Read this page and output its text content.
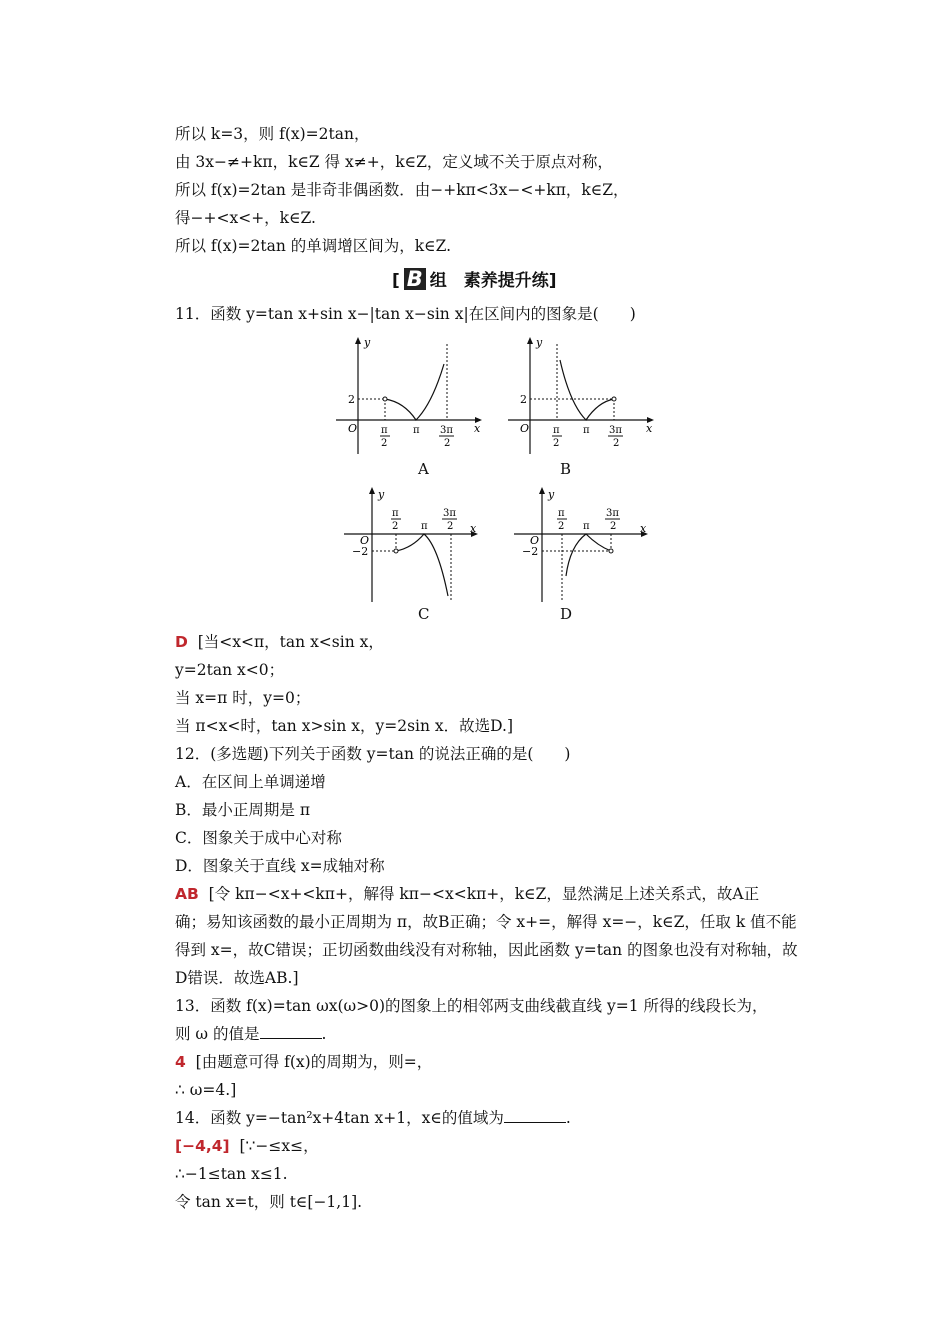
所以 k=3，则 f(x)=2tan，
由 3x−≠+kπ，k∈Z 得 x≠+，k∈Z，定义域不关于原点对称，
所以 f(x)=2tan 是非奇非偶函数．由−+kπ<3x−<+kπ，k∈Z，
得−+<x<+，k∈Z.
所以 f(x)=2tan 的单调增区间为，k∈Z.
[ B 组　素养提升练]
11．函数 y=tan x+sin x−|tan x−sin x|在区间内的图象是(　　)
y
x
O
2
π
2
π 3π
2
A
y
x
O
2
π
2
π 3π
2
B
y
x
O
−2
π
2 π
3π
2
C
y
x
O
−2
π
2 π
3π
2
D
D [当<x<π，tan x<sin x，
y=2tan x<0；
当 x=π 时，y=0；
当 π<x<时，tan x>sin x，y=2sin x．故选D.]
12．(多选题)下列关于函数 y=tan 的说法正确的是(　　)
A．在区间上单调递增
B．最小正周期是 π
C．图象关于成中心对称
D．图象关于直线 x=成轴对称
AB [令 kπ−<x+<kπ+，解得 kπ−<x<kπ+，k∈Z，显然满足上述关系式，故A正
确；易知该函数的最小正周期为 π，故B正确；令 x+=，解得 x=−，k∈Z，任取 k 值不能
得到 x=，故C错误；正切函数曲线没有对称轴，因此函数 y=tan 的图象也没有对称轴，故
D错误．故选AB.]
13．函数 f(x)=tan ωx(ω>0)的图象上的相邻两支曲线截直线 y=1 所得的线段长为，
则 ω 的值是	.
4 [由题意可得 f(x)的周期为，则=，
∴ ω=4.]
14．函数 y=−tan²x+4tan x+1，x∈的值域为	.
[−4,4] [∵−≤x≤，
∴−1≤tan x≤1.
令 tan x=t，则 t∈[−1,1].
